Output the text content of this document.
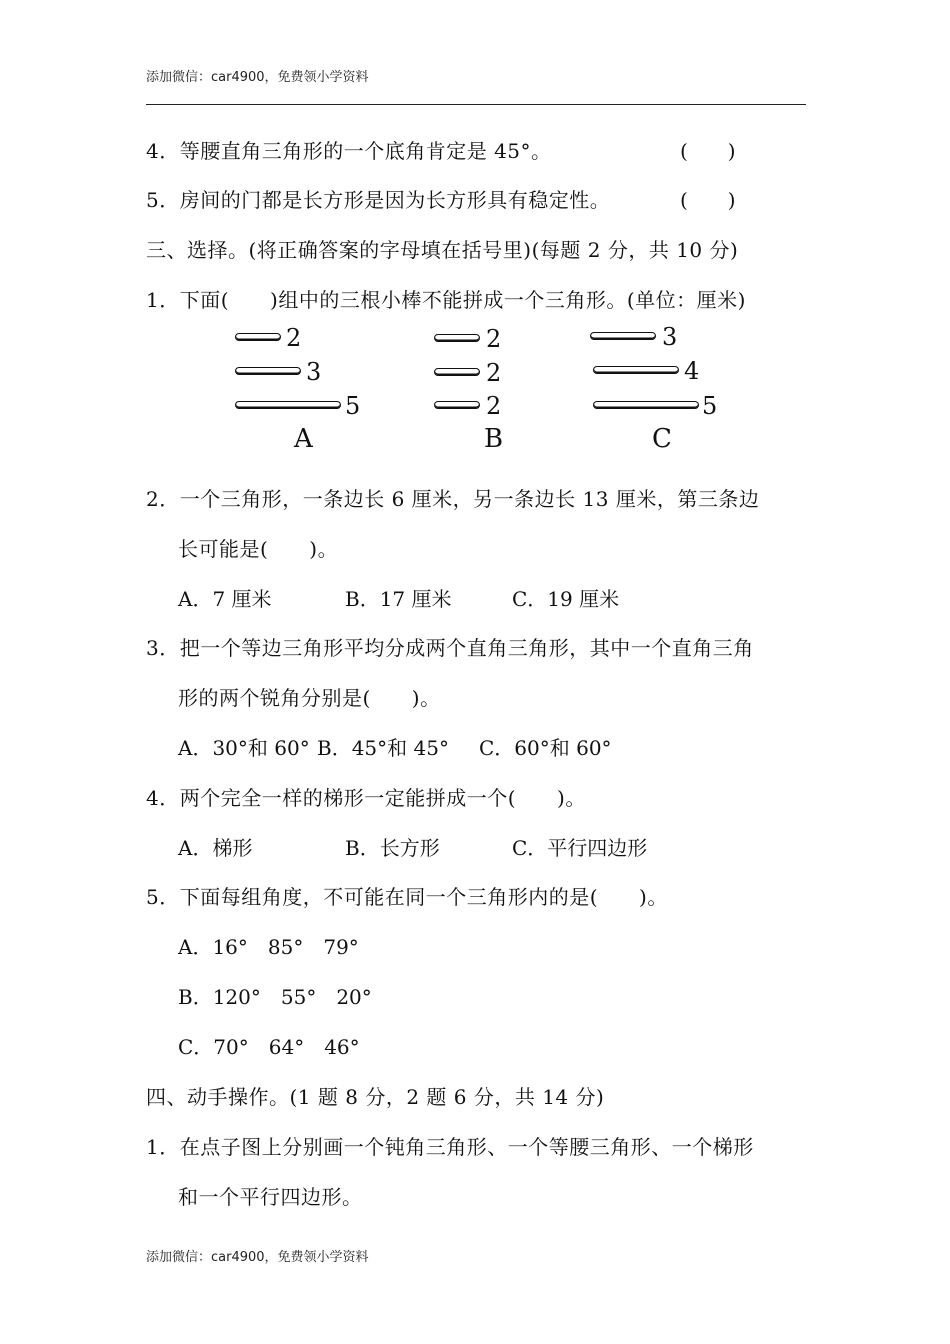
添加微信：car4900，免费领小学资料
4．等腰直角三角形的一个底角肯定是 45°。	(　　)
5．房间的门都是长方形是因为长方形具有稳定性。	(　　)
三、选择。(将正确答案的字母填在括号里)(每题 2 分，共 10 分)
1．下面(　　)组中的三根小棒不能拼成一个三角形。(单位：厘米)
2
3
5
A
2
2
2
B
3
4
5
C
2．一个三角形，一条边长 6 厘米，另一条边长 13 厘米，第三条边
长可能是(　　)。
A．7 厘米	B．17 厘米	C．19 厘米
3．把一个等边三角形平均分成两个直角三角形，其中一个直角三角
形的两个锐角分别是(　　)。
A．30°和 60° B．45°和 45° C．60°和 60°
4．两个完全一样的梯形一定能拼成一个(　　)。
A．梯形	B．长方形	C．平行四边形
5．下面每组角度，不可能在同一个三角形内的是(　　)。
A．16°　85°　79°
B．120°　55°　20°
C．70°　64°　46°
四、动手操作。(1 题 8 分，2 题 6 分，共 14 分)
1．在点子图上分别画一个钝角三角形、一个等腰三角形、一个梯形
和一个平行四边形。
添加微信：car4900，免费领小学资料
